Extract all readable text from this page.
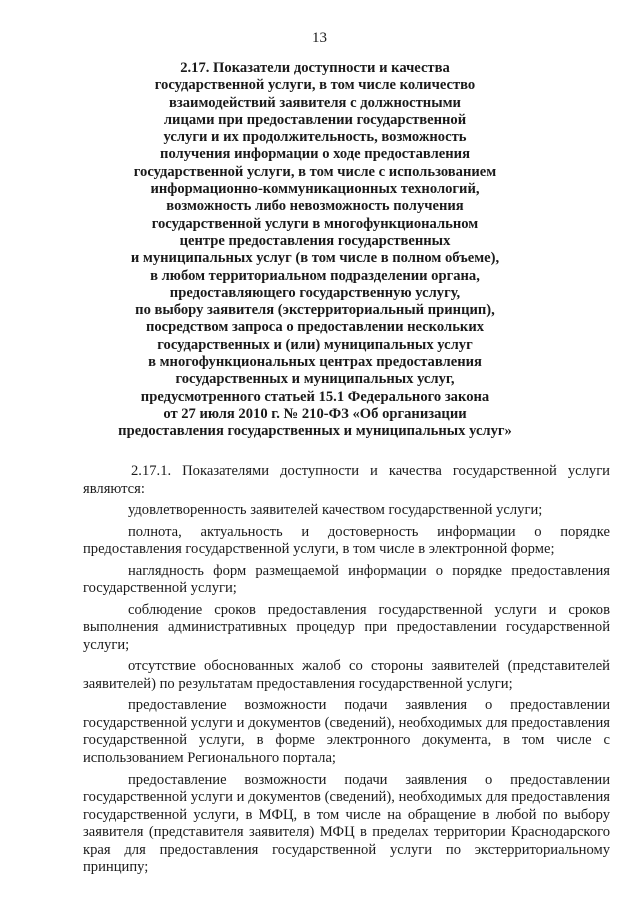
13
2.17. Показатели доступности и качества
государственной услуги, в том числе количество
взаимодействий заявителя с должностными
лицами при предоставлении государственной
услуги и их продолжительность, возможность
получения информации о ходе предоставления
государственной услуги, в том числе с использованием
информационно-коммуникационных технологий,
возможность либо невозможность получения
государственной услуги в многофункциональном
центре предоставления государственных
и муниципальных услуг (в том числе в полном объеме),
в любом территориальном подразделении органа,
предоставляющего государственную услугу,
по выбору заявителя (экстерриториальный принцип),
посредством запроса о предоставлении нескольких
государственных и (или) муниципальных услуг
в многофункциональных центрах предоставления
государственных и муниципальных услуг,
предусмотренного статьей 15.1 Федерального закона
от 27 июля 2010 г. № 210-ФЗ «Об организации
предоставления государственных и муниципальных услуг»

2.17.1. Показателями доступности и качества государственной услуги являются:

удовлетворенность заявителей качеством государственной услуги;

полнота, актуальность и достоверность информации о порядке предоставления государственной услуги, в том числе в электронной форме;

наглядность форм размещаемой информации о порядке предоставления государственной услуги;

соблюдение сроков предоставления государственной услуги и сроков выполнения административных процедур при предоставлении государственной услуги;

отсутствие обоснованных жалоб со стороны заявителей (представителей заявителей) по результатам предоставления государственной услуги;

предоставление возможности подачи заявления о предоставлении государственной услуги и документов (сведений), необходимых для предоставления государственной услуги, в форме электронного документа, в том числе с использованием Регионального портала;

предоставление возможности подачи заявления о предоставлении государственной услуги и документов (сведений), необходимых для предоставления государственной услуги, в МФЦ, в том числе на обращение в любой по выбору заявителя (представителя заявителя) МФЦ в пределах территории Краснодарского края для предоставления государственной услуги по экстерриториальному принципу;
